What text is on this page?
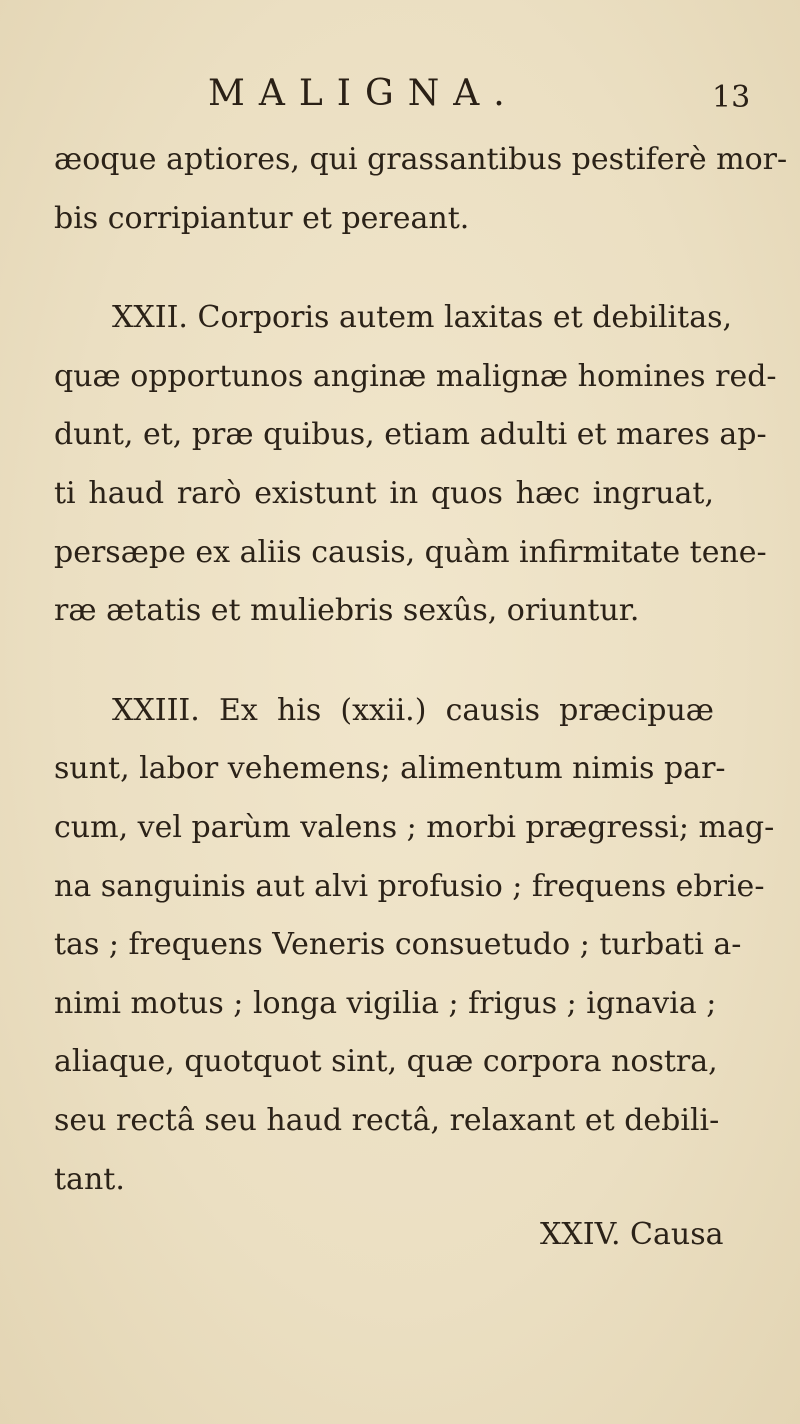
MALIGNA.	13
æoque aptiores, qui grassantibus pestiferè mor-
bis corripiantur et pereant.
XXII. Corporis autem laxitas et debilitas,
quæ opportunos anginæ malignæ homines red-
dunt, et, præ quibus, etiam adulti et mares ap-
ti haud rarò existunt in quos hæc ingruat,
persæpe ex aliis causis, quàm infirmitate tene-
ræ ætatis et muliebris sexûs, oriuntur.
XXIII. Ex his (xxii.) causis præcipuæ
sunt, labor vehemens; alimentum nimis par-
cum, vel parùm valens ; morbi prægressi; mag-
na sanguinis aut alvi profusio ; frequens ebrie-
tas ; frequens Veneris consuetudo ; turbati a-
nimi motus ; longa vigilia ; frigus ; ignavia ;
aliaque, quotquot sint, quæ corpora nostra,
seu rectâ seu haud rectâ, relaxant et debili-
tant.
XXIV. Causa
